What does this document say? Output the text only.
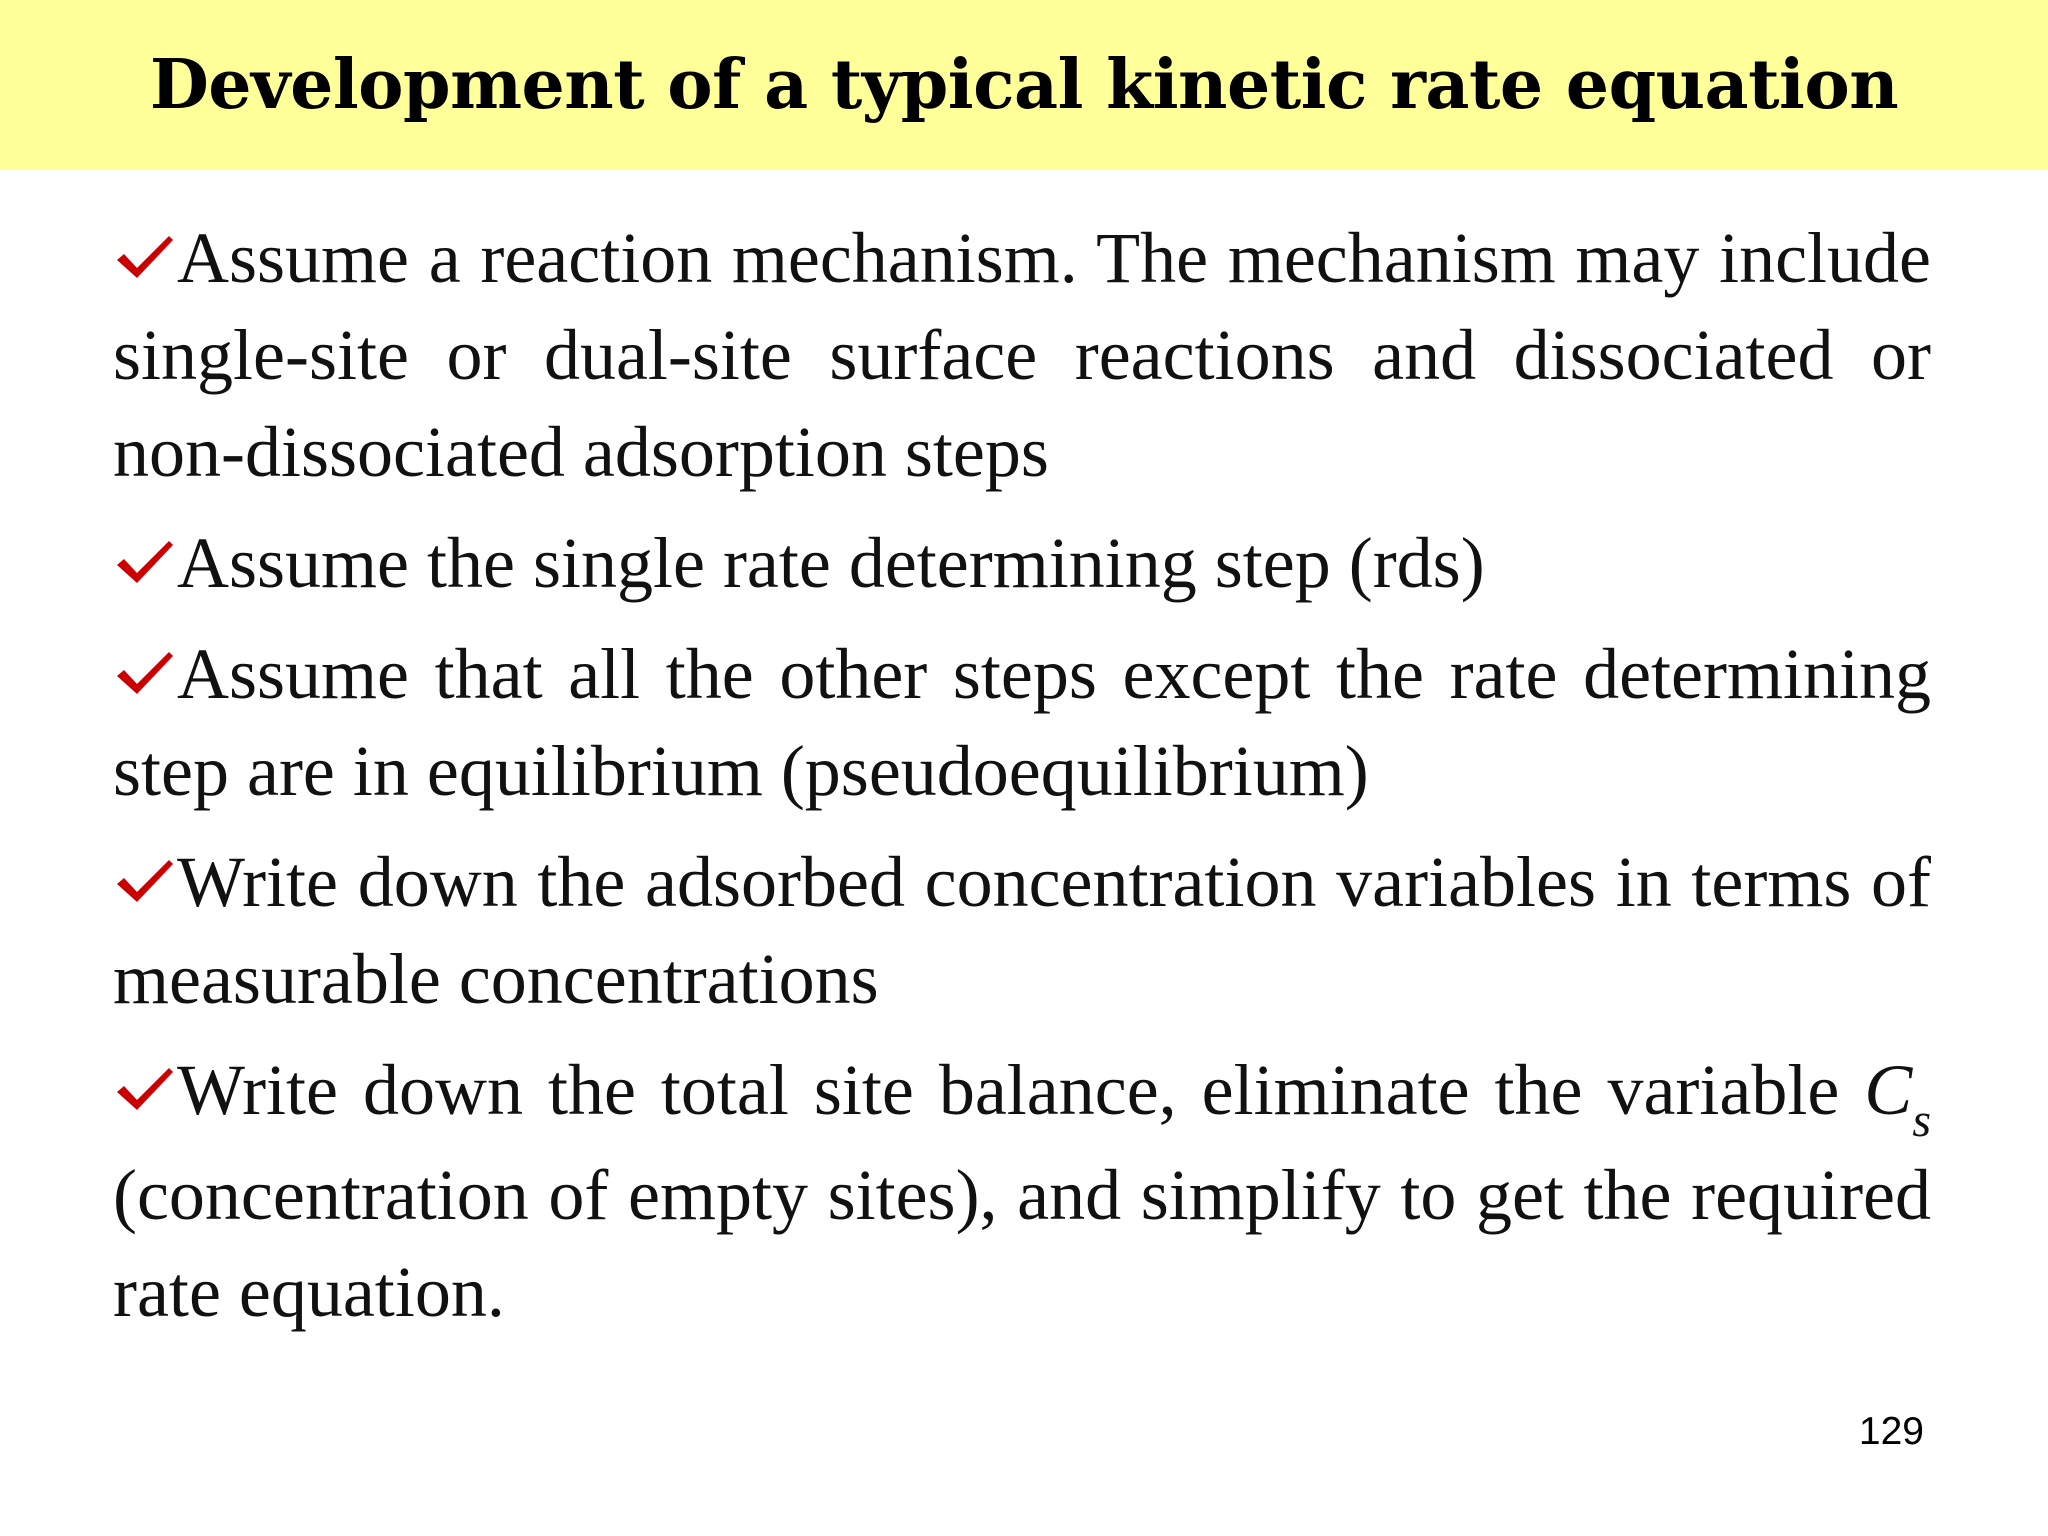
Development of a typical kinetic rate equation
Assume a reaction mechanism. The mechanism may include single-site or dual-site surface reactions and dissociated or non-dissociated adsorption steps
Assume the single rate determining step (rds)
Assume that all the other steps except the rate determining step are in equilibrium (pseudoequilibrium)
Write down the adsorbed concentration variables in terms of measurable concentrations
Write down the total site balance, eliminate the variable $C_s$ (concentration of empty sites), and simplify to get the required rate equation.
129
